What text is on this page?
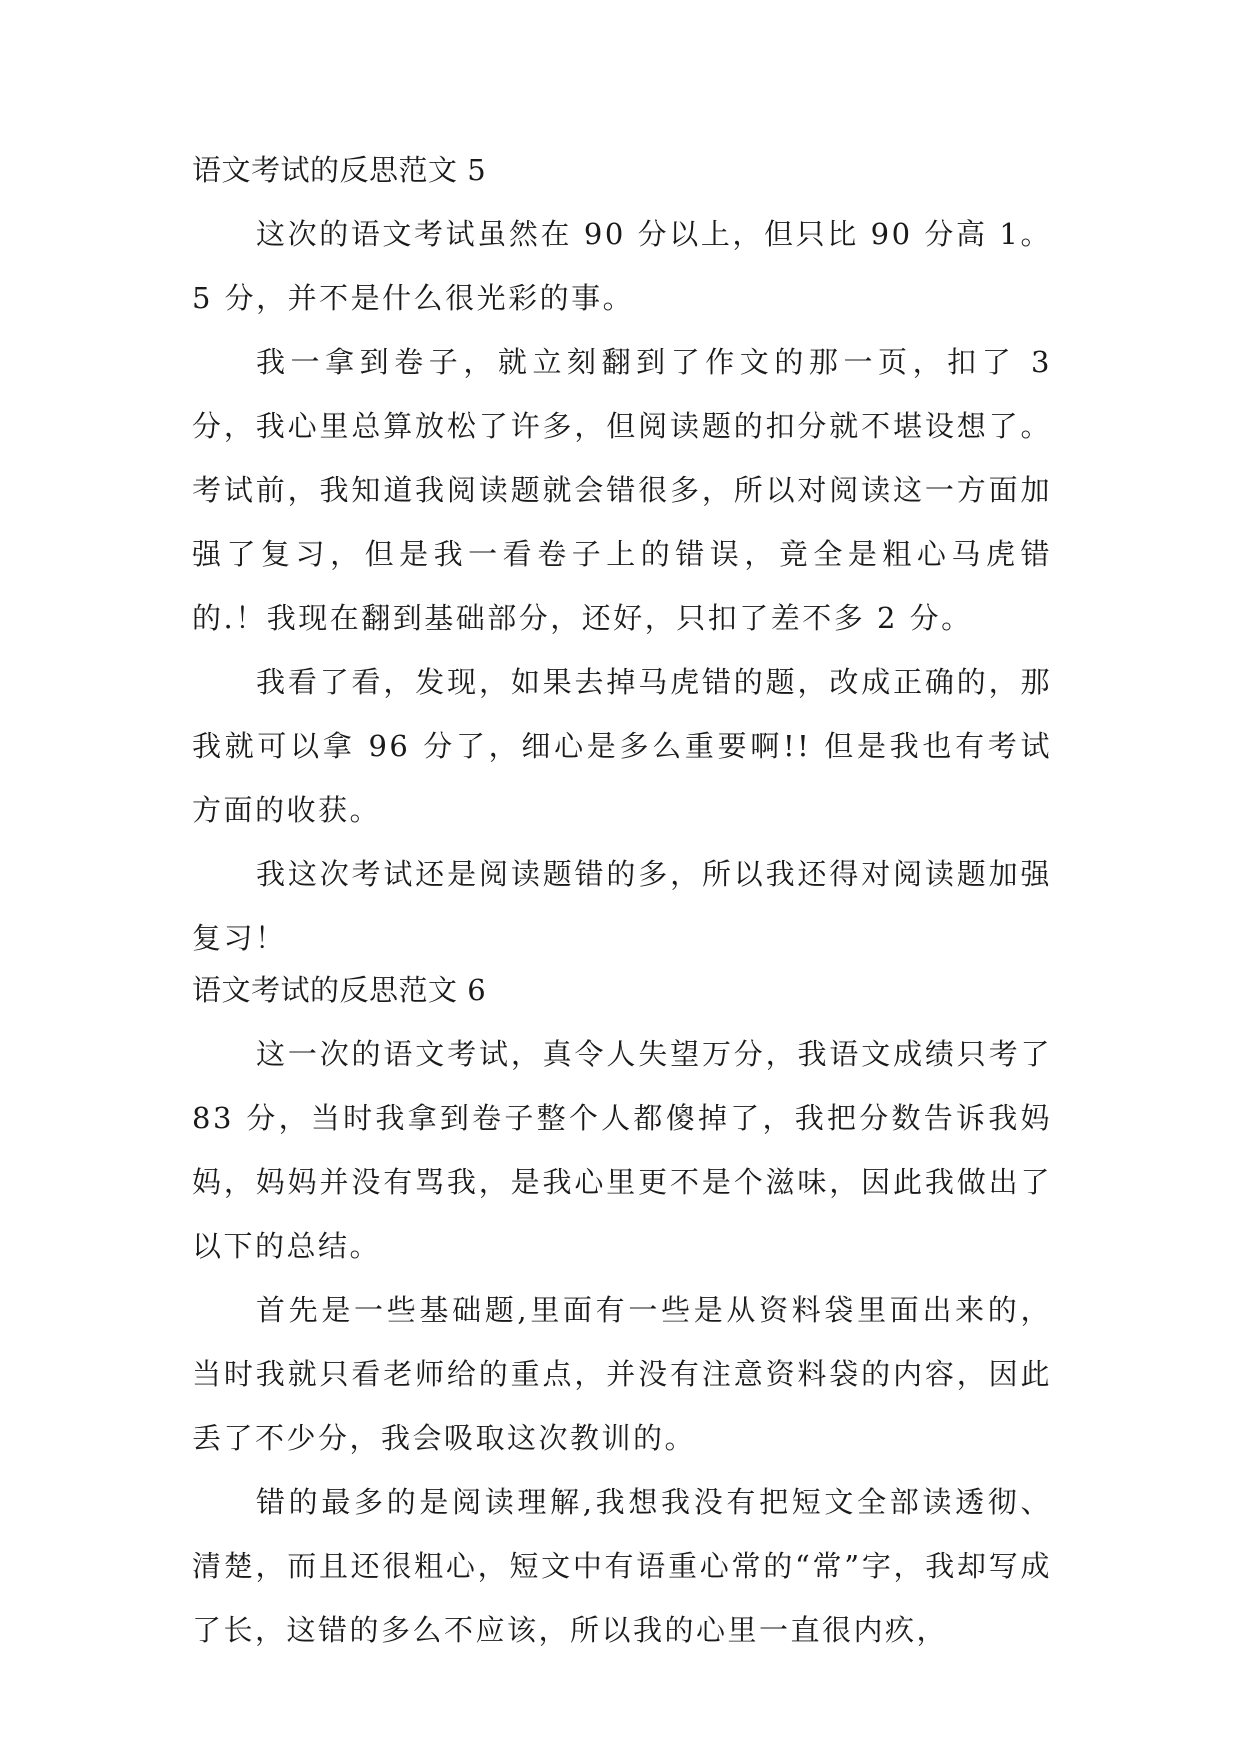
语文考试的反思范文 5

这次的语文考试虽然在 90 分以上，但只比 90 分高 1。5 分，并不是什么很光彩的事。

我一拿到卷子，就立刻翻到了作文的那一页，扣了 3 分，我心里总算放松了许多，但阅读题的扣分就不堪设想了。考试前，我知道我阅读题就会错很多，所以对阅读这一方面加强了复习，但是我一看卷子上的错误，竟全是粗心马虎错的.！我现在翻到基础部分，还好，只扣了差不多 2 分。

我看了看，发现，如果去掉马虎错的题，改成正确的，那我就可以拿 96 分了，细心是多么重要啊!! 但是我也有考试方面的收获。

我这次考试还是阅读题错的多，所以我还得对阅读题加强复习！

语文考试的反思范文 6

这一次的语文考试，真令人失望万分，我语文成绩只考了 83 分，当时我拿到卷子整个人都傻掉了，我把分数告诉我妈妈，妈妈并没有骂我，是我心里更不是个滋味，因此我做出了以下的总结。

首先是一些基础题,里面有一些是从资料袋里面出来的，当时我就只看老师给的重点，并没有注意资料袋的内容，因此丢了不少分，我会吸取这次教训的。

错的最多的是阅读理解,我想我没有把短文全部读透彻、清楚，而且还很粗心，短文中有语重心常的“常”字，我却写成了长，这错的多么不应该，所以我的心里一直很内疚，
